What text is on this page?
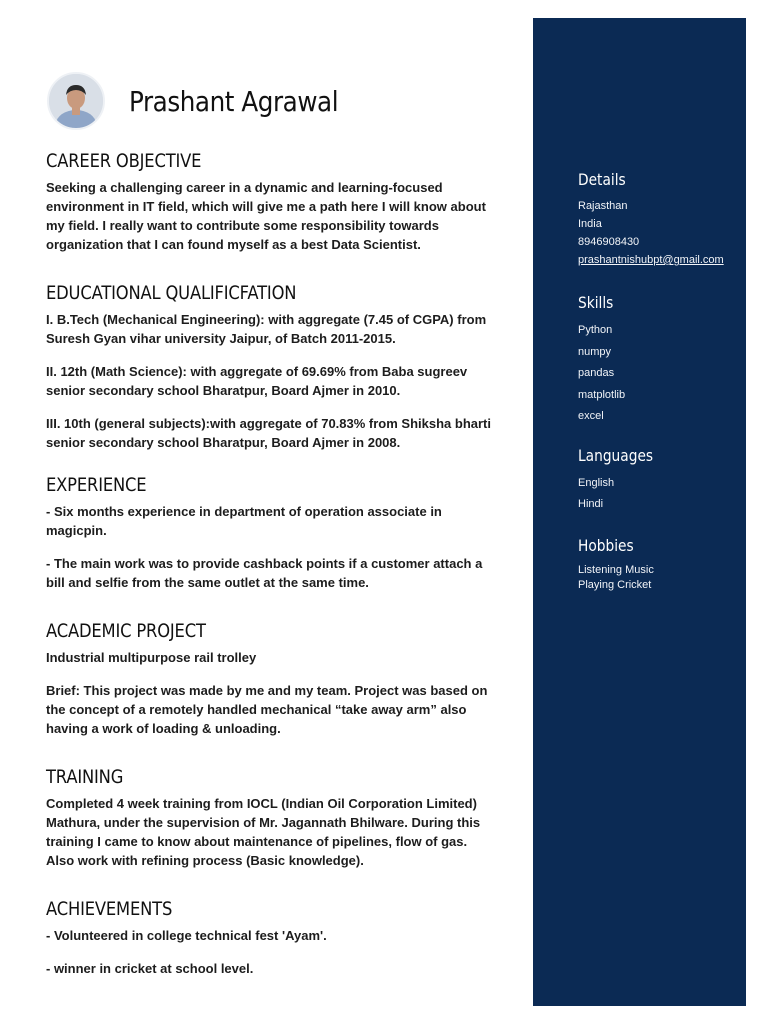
Prashant Agrawal
CAREER OBJECTIVE
Seeking a challenging career in a dynamic and learning-focused environment in IT field, which will give me a path here I will know about my field. I really want to contribute some responsibility towards organization that I can found myself as a best Data Scientist.
EDUCATIONAL QUALIFICFATION
I. B.Tech (Mechanical Engineering): with aggregate (7.45 of CGPA) from Suresh Gyan vihar university Jaipur, of Batch 2011-2015.
II. 12th (Math Science): with aggregate of 69.69% from Baba sugreev senior secondary school Bharatpur, Board Ajmer in 2010.
III. 10th (general subjects):with aggregate of 70.83% from Shiksha bharti senior secondary school Bharatpur, Board Ajmer in 2008.
EXPERIENCE
- Six months experience in department of operation associate in magicpin.
- The main work was to provide cashback points if a customer attach a bill and selfie from the same outlet at the same time.
ACADEMIC PROJECT
Industrial multipurpose rail trolley
Brief: This project was made by me and my team. Project was based on the concept of a remotely handled mechanical “take away arm” also having a work of loading & unloading.
TRAINING
Completed 4 week training from IOCL (Indian Oil Corporation Limited) Mathura, under the supervision of Mr. Jagannath Bhilware. During this training I came to know about maintenance of pipelines, flow of gas. Also work with refining process (Basic knowledge).
ACHIEVEMENTS
- Volunteered in college technical fest 'Ayam'.
- winner in cricket at school level.
Details
Rajasthan
India
8946908430
prashantnishubpt@gmail.com
Skills
Python
numpy
pandas
matplotlib
excel
Languages
English
Hindi
Hobbies
Listening Music
Playing Cricket
